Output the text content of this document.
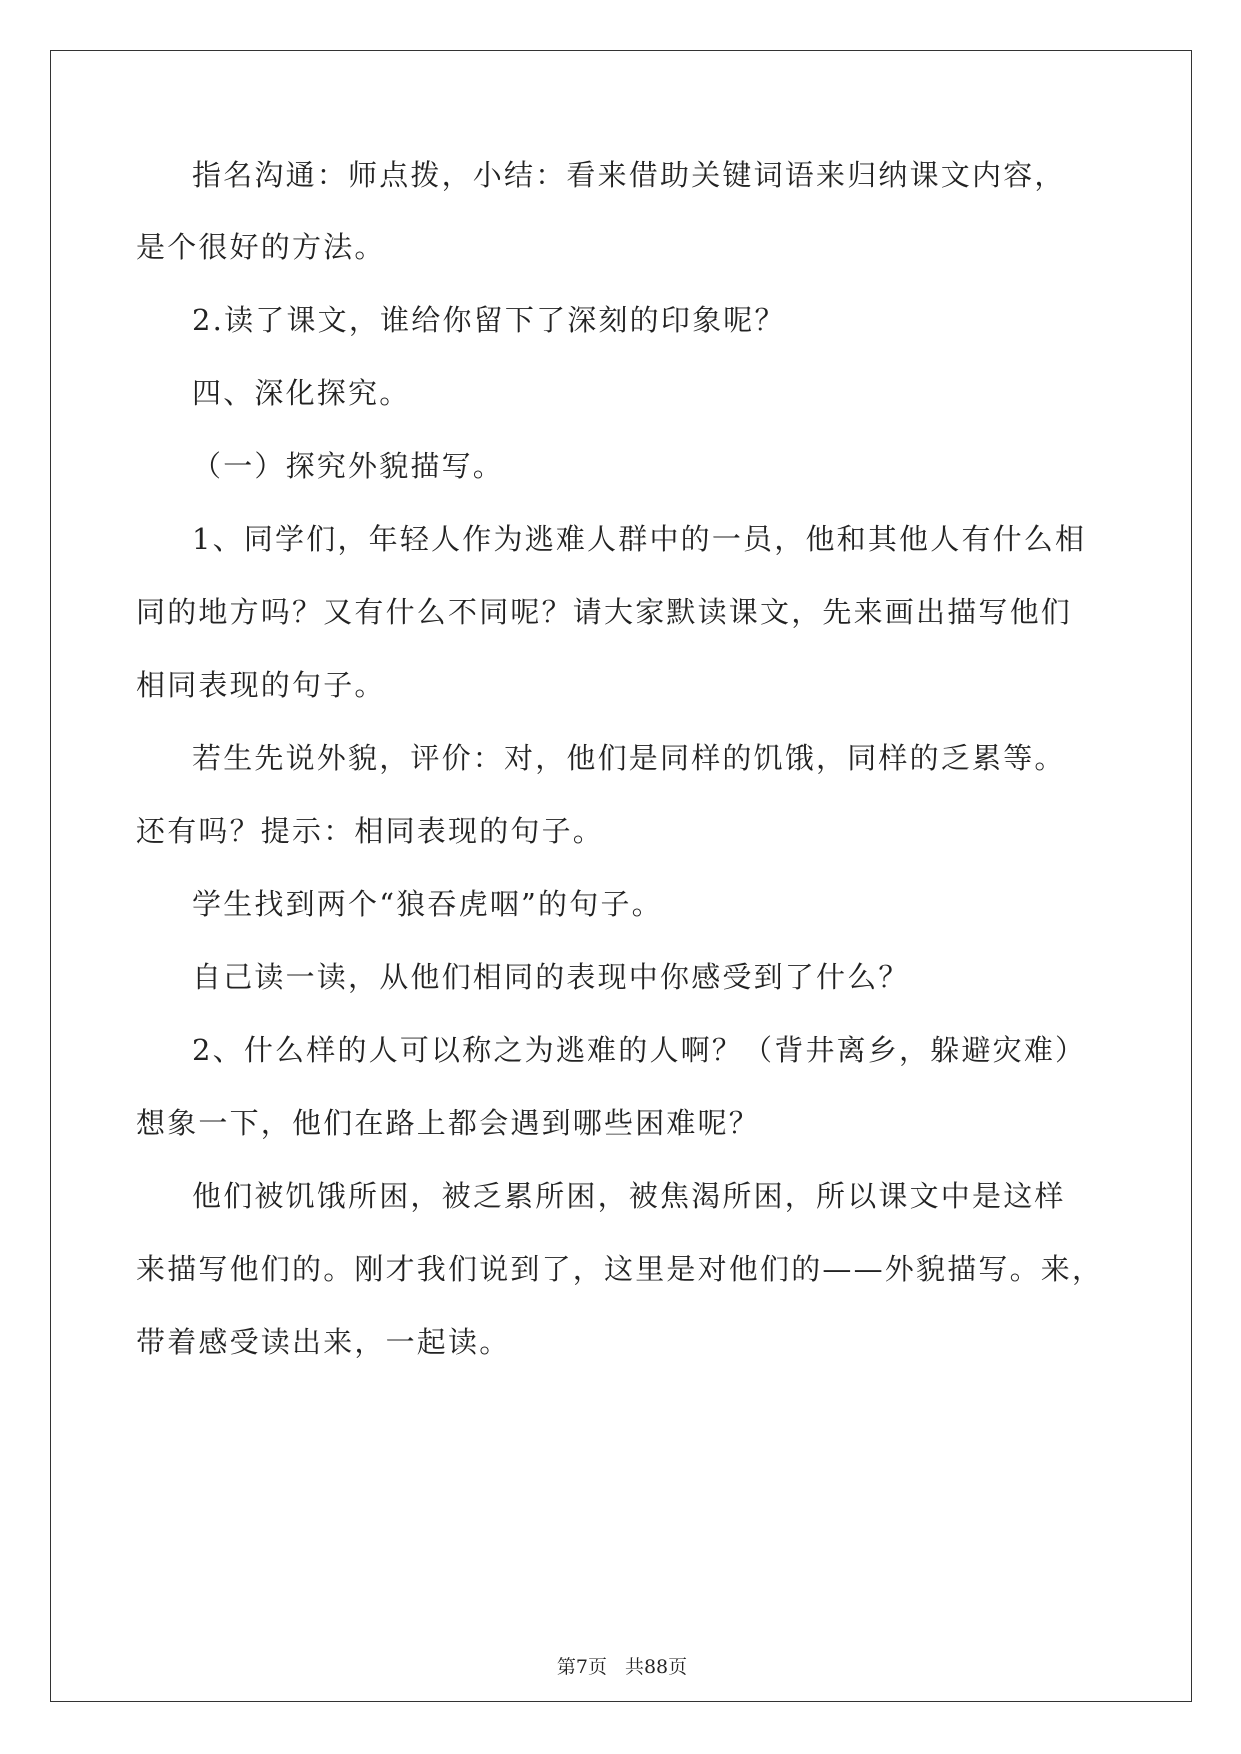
指名沟通：师点拨，小结：看来借助关键词语来归纳课文内容，
是个很好的方法。
2.读了课文，谁给你留下了深刻的印象呢？
四、深化探究。
（一）探究外貌描写。
1、同学们，年轻人作为逃难人群中的一员，他和其他人有什么相
同的地方吗？又有什么不同呢？请大家默读课文，先来画出描写他们
相同表现的句子。
若生先说外貌，评价：对，他们是同样的饥饿，同样的乏累等。
还有吗？提示：相同表现的句子。
学生找到两个“狼吞虎咽”的句子。
自己读一读，从他们相同的表现中你感受到了什么？
2、什么样的人可以称之为逃难的人啊？（背井离乡，躲避灾难）
想象一下，他们在路上都会遇到哪些困难呢？
他们被饥饿所困，被乏累所困，被焦渴所困，所以课文中是这样
来描写他们的。刚才我们说到了，这里是对他们的——外貌描写。来，
带着感受读出来，一起读。
第7页 共88页
